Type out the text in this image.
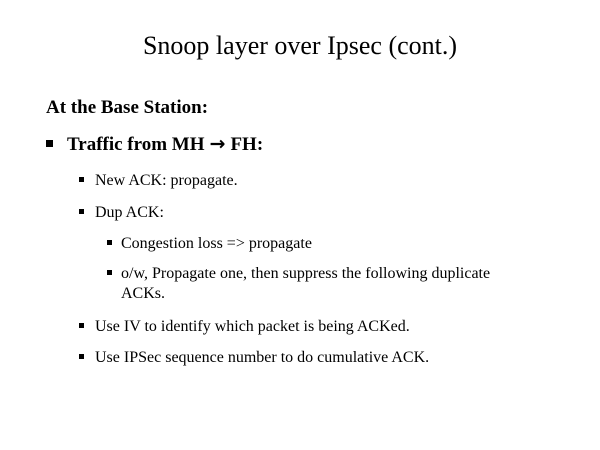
Snoop layer over Ipsec (cont.)
At the Base Station:
Traffic from MH → FH:
New ACK: propagate.
Dup ACK:
Congestion loss => propagate
o/w, Propagate one, then suppress the following duplicate ACKs.
Use IV to identify which packet is being ACKed.
Use IPSec sequence number to do cumulative ACK.
